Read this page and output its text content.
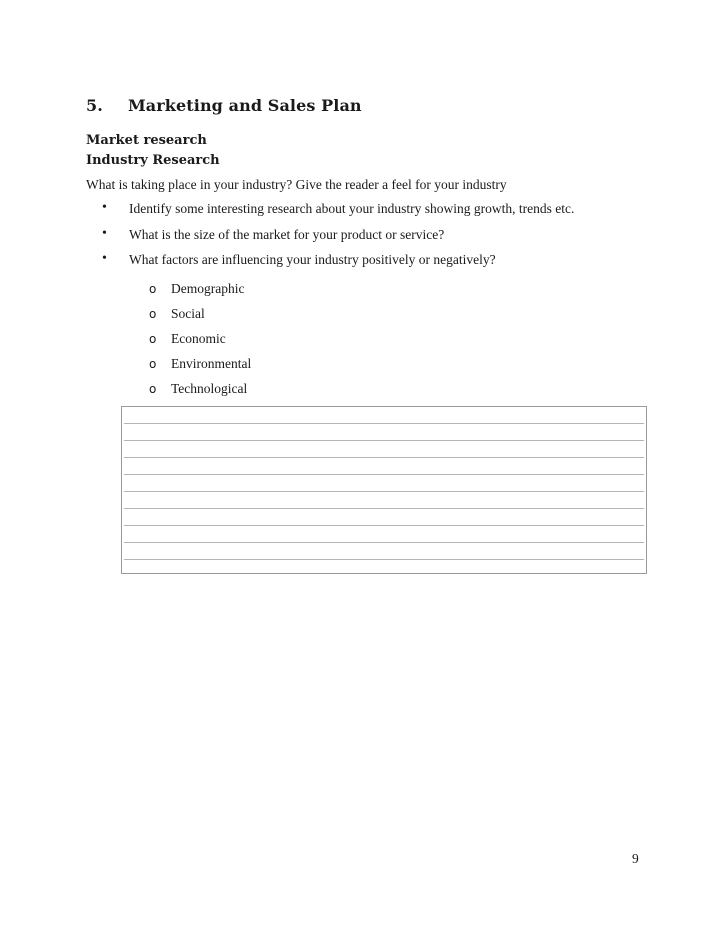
5. Marketing and Sales Plan
Market research
Industry Research
What is taking place in your industry? Give the reader a feel for your industry
• Identify some interesting research about your industry showing growth, trends etc.
• What is the size of the market for your product or service?
• What factors are influencing your industry positively or negatively?
o Demographic
o Social
o Economic
o Environmental
o Technological
9
